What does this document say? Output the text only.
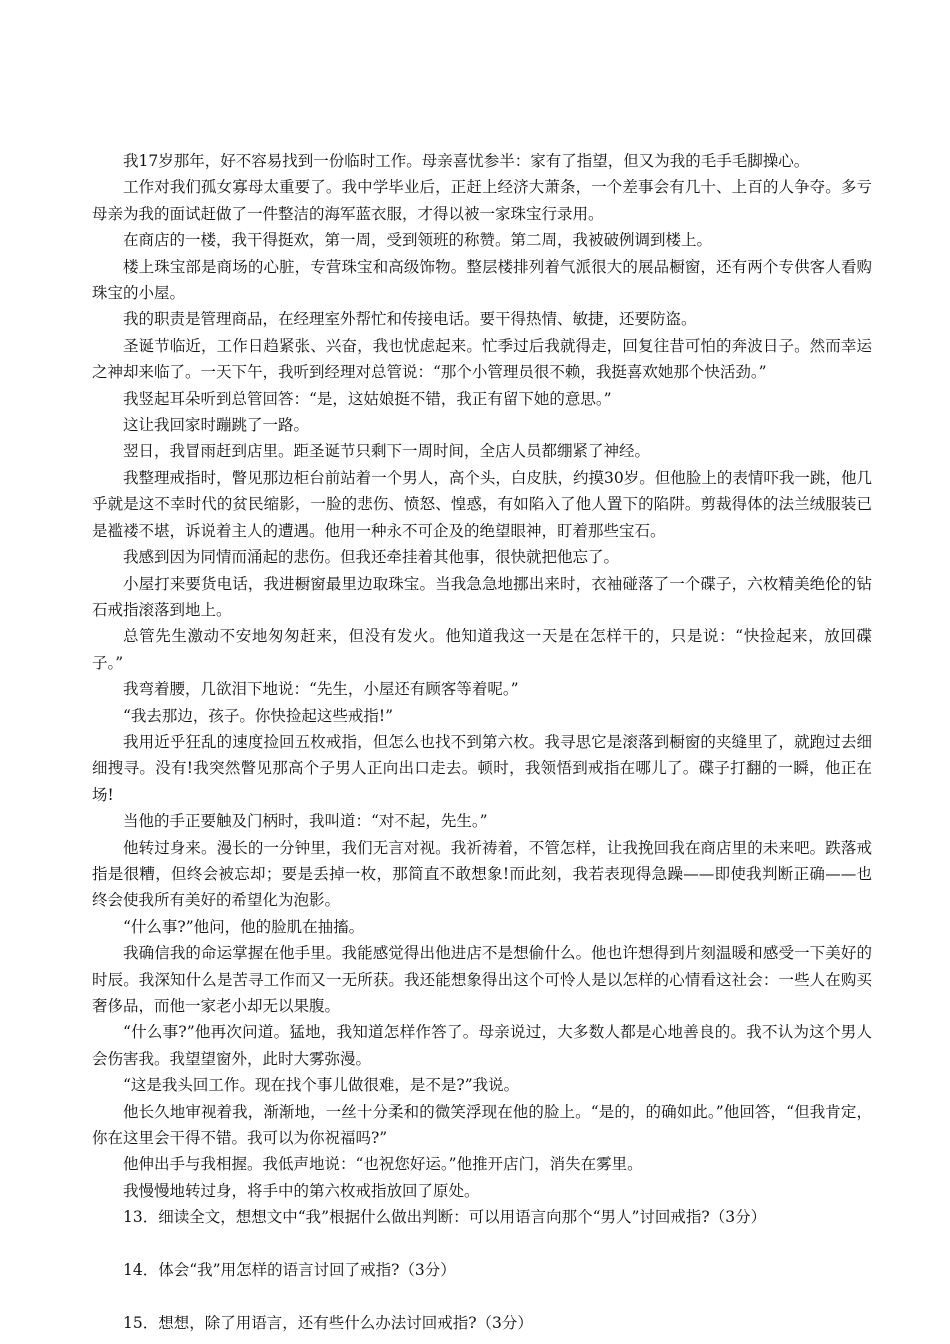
我17岁那年，好不容易找到一份临时工作。母亲喜忧参半：家有了指望，但又为我的毛手毛脚操心。

工作对我们孤女寡母太重要了。我中学毕业后，正赶上经济大萧条，一个差事会有几十、上百的人争夺。多亏母亲为我的面试赶做了一件整洁的海军蓝衣服，才得以被一家珠宝行录用。

在商店的一楼，我干得挺欢，第一周，受到领班的称赞。第二周，我被破例调到楼上。

楼上珠宝部是商场的心脏，专营珠宝和高级饰物。整层楼排列着气派很大的展品橱窗，还有两个专供客人看购珠宝的小屋。

我的职责是管理商品，在经理室外帮忙和传接电话。要干得热情、敏捷，还要防盗。

圣诞节临近，工作日趋紧张、兴奋，我也忧虑起来。忙季过后我就得走，回复往昔可怕的奔波日子。然而幸运之神却来临了。一天下午，我听到经理对总管说：“那个小管理员很不赖，我挺喜欢她那个快活劲。”

我竖起耳朵听到总管回答：“是，这姑娘挺不错，我正有留下她的意思。”

这让我回家时蹦跳了一路。

翌日，我冒雨赶到店里。距圣诞节只剩下一周时间，全店人员都绷紧了神经。

我整理戒指时，瞥见那边柜台前站着一个男人，高个头，白皮肤，约摸30岁。但他脸上的表情吓我一跳，他几乎就是这不幸时代的贫民缩影，一脸的悲伤、愤怒、惶惑，有如陷入了他人置下的陷阱。剪裁得体的法兰绒服装已是褴褛不堪，诉说着主人的遭遇。他用一种永不可企及的绝望眼神，盯着那些宝石。

我感到因为同情而涌起的悲伤。但我还牵挂着其他事，很快就把他忘了。

小屋打来要货电话，我进橱窗最里边取珠宝。当我急急地挪出来时，衣袖碰落了一个碟子，六枚精美绝伦的钻石戒指滚落到地上。

总管先生激动不安地匆匆赶来，但没有发火。他知道我这一天是在怎样干的，只是说：“快捡起来，放回碟子。”

我弯着腰，几欲泪下地说：“先生，小屋还有顾客等着呢。”

“我去那边，孩子。你快捡起这些戒指!”

我用近乎狂乱的速度捡回五枚戒指，但怎么也找不到第六枚。我寻思它是滚落到橱窗的夹缝里了，就跑过去细细搜寻。没有!我突然瞥见那高个子男人正向出口走去。顿时，我领悟到戒指在哪儿了。碟子打翻的一瞬，他正在场!

当他的手正要触及门柄时，我叫道：“对不起，先生。”

他转过身来。漫长的一分钟里，我们无言对视。我祈祷着，不管怎样，让我挽回我在商店里的未来吧。跌落戒指是很糟，但终会被忘却；要是丢掉一枚，那简直不敢想象!而此刻，我若表现得急躁——即使我判断正确——也终会使我所有美好的希望化为泡影。

“什么事?”他问，他的脸肌在抽搐。

我确信我的命运掌握在他手里。我能感觉得出他进店不是想偷什么。他也许想得到片刻温暖和感受一下美好的时辰。我深知什么是苦寻工作而又一无所获。我还能想象得出这个可怜人是以怎样的心情看这社会：一些人在购买奢侈品，而他一家老小却无以果腹。

“什么事?”他再次问道。猛地，我知道怎样作答了。母亲说过，大多数人都是心地善良的。我不认为这个男人会伤害我。我望望窗外，此时大雾弥漫。

“这是我头回工作。现在找个事儿做很难，是不是?”我说。

他长久地审视着我，渐渐地，一丝十分柔和的微笑浮现在他的脸上。“是的，的确如此。”他回答，“但我肯定，你在这里会干得不错。我可以为你祝福吗?”

他伸出手与我相握。我低声地说：“也祝您好运。”他推开店门，消失在雾里。

我慢慢地转过身，将手中的第六枚戒指放回了原处。

13．细读全文，想想文中“我”根据什么做出判断：可以用语言向那个“男人”讨回戒指?（3分）

14．体会“我”用怎样的语言讨回了戒指?（3分）

15．想想，除了用语言，还有些什么办法讨回戒指?（3分）
